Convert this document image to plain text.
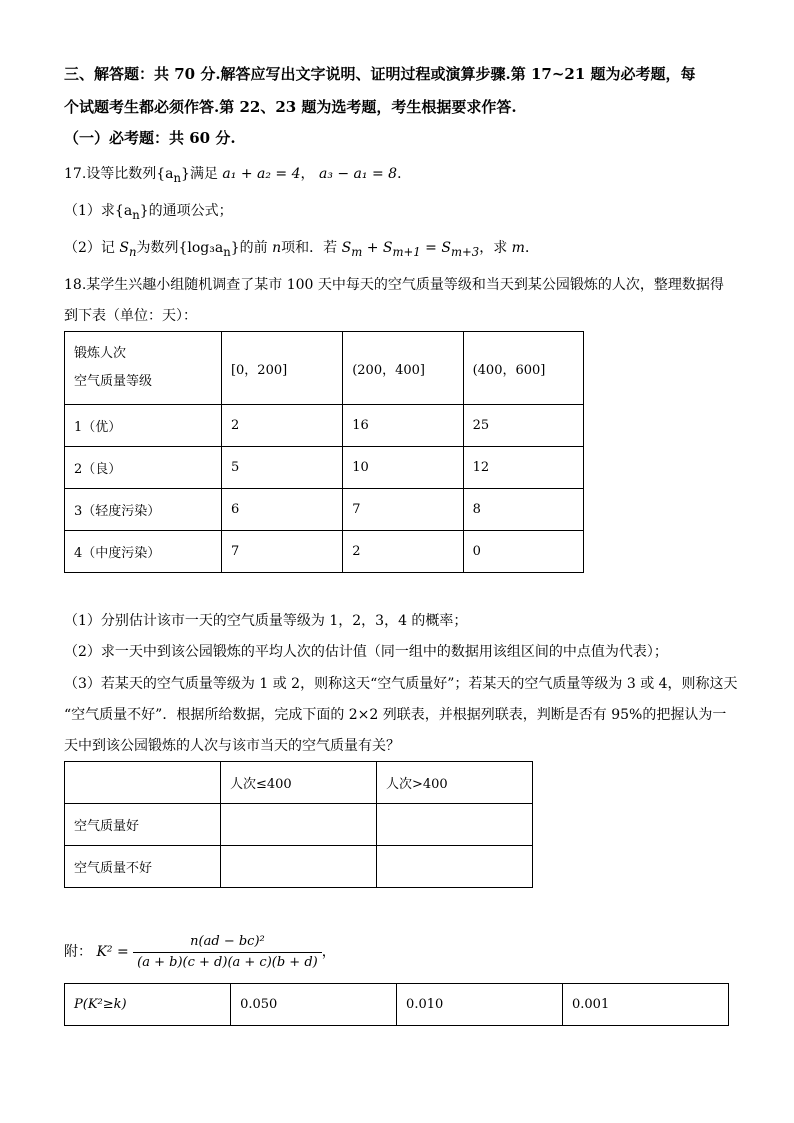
三、解答题：共 70 分.解答应写出文字说明、证明过程或演算步骤.第 17~21 题为必考题，每
个试题考生都必须作答.第 22、23 题为选考题，考生根据要求作答.
（一）必考题：共 60 分.
17.设等比数列$\{a_n\}$满足 a₁ + a₂ = 4， a₃ − a₁ = 8．
（1）求$\{a_n\}$的通项公式；
（2）记 $S_n$为数列$\{\log_3a_n\}$的前 n项和．若 $S_m + S_{m+1} = S_{m+3}$，求 m．
18.某学生兴趣小组随机调查了某市 100 天中每天的空气质量等级和当天到某公园锻炼的人次，整理数据得
到下表（单位：天）：
锻炼人次
空气质量等级	[0，200]	(200，400]	(400，600]
1（优）	2	16	25
2（良）	5	10	12
3（轻度污染）	6	7	8
4（中度污染）	7	2	0
（1）分别估计该市一天的空气质量等级为 1，2，3，4 的概率；
（2）求一天中到该公园锻炼的平均人次的估计值（同一组中的数据用该组区间的中点值为代表）；
（3）若某天的空气质量等级为 1 或 2，则称这天“空气质量好”；若某天的空气质量等级为 3 或 4，则称这天
“空气质量不好”．根据所给数据，完成下面的 2×2 列联表，并根据列联表，判断是否有 95%的把握认为一
天中到该公园锻炼的人次与该市当天的空气质量有关？
	人次≤400	人次>400
空气质量好		
空气质量不好		
附： $K^2 = \frac{\text{n(ad − bc)²}}{(a + b)(c + d)(a + c)(b + d)}$ ，
P(K²≥k)	0.050	0.010	0.001
